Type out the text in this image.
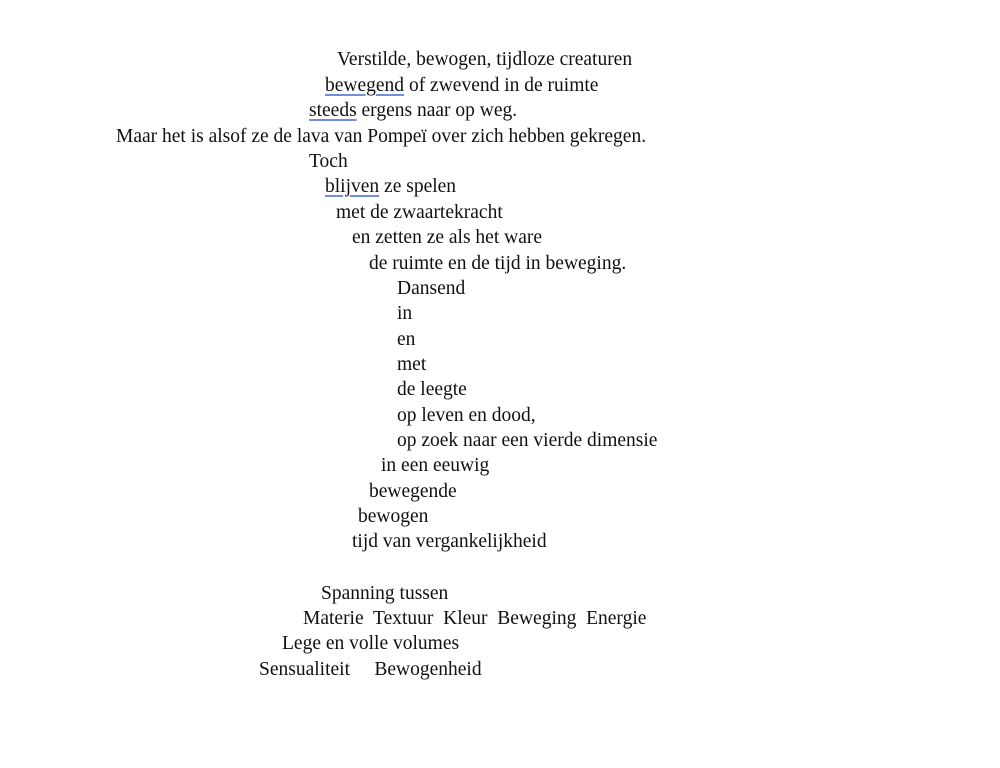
Verstilde, bewogen, tijdloze creaturen
bewegend of zwevend in de ruimte
steeds ergens naar op weg.
Maar het is alsof ze de lava van Pompeï over zich hebben gekregen.
Toch
blijven ze spelen
met de zwaartekracht
en zetten ze als het ware
de ruimte en de tijd in beweging.
Dansend
in
en
met
de leegte
op leven en dood,
op zoek naar een vierde dimensie
in een eeuwig
bewegende
bewogen
tijd van vergankelijkheid
Spanning tussen
Materie  Textuur  Kleur  Beweging  Energie
Lege en volle volumes
Sensualiteit     Bewogenheid
